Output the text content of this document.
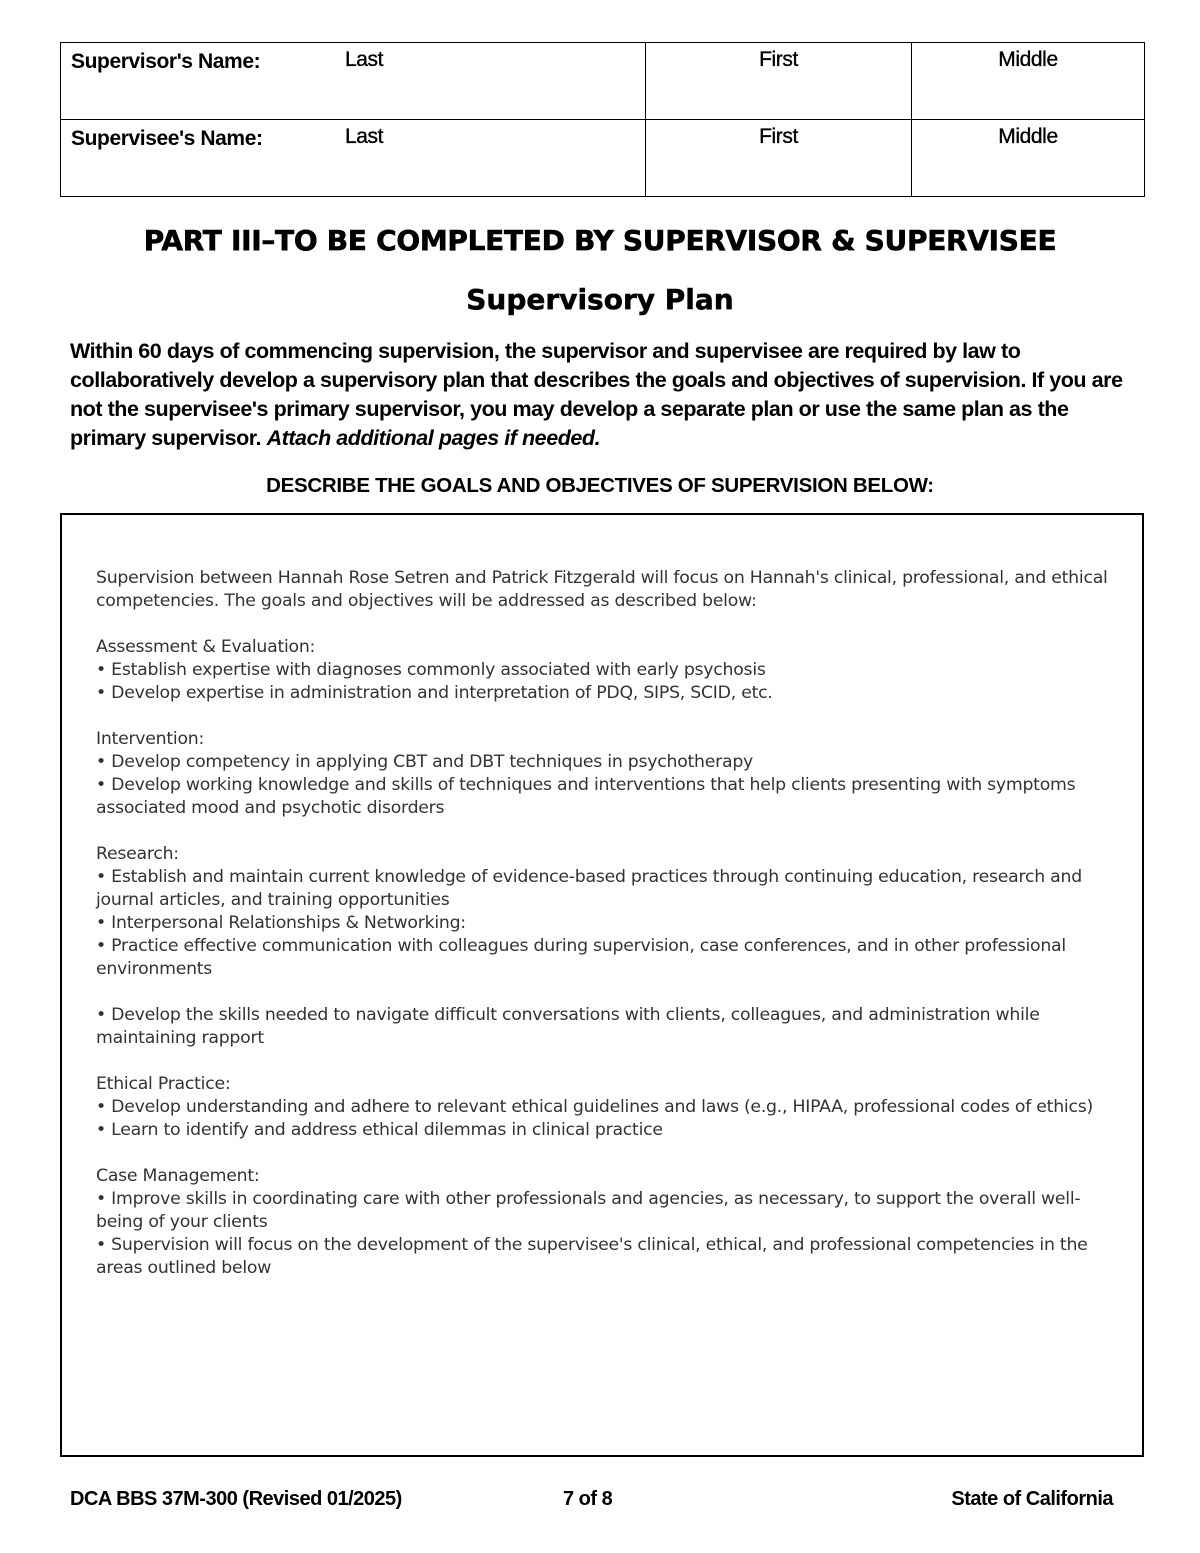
Supervisor's Name: Last	First	Middle

Supervisee's Name: Last	First	Middle
PART III–TO BE COMPLETED BY SUPERVISOR & SUPERVISEE
Supervisory Plan

Within 60 days of commencing supervision, the supervisor and supervisee are required by law to collaboratively develop a supervisory plan that describes the goals and objectives of supervision. If you are not the supervisee's primary supervisor, you may develop a separate plan or use the same plan as the primary supervisor. Attach additional pages if needed.

DESCRIBE THE GOALS AND OBJECTIVES OF SUPERVISION BELOW:

Supervision between Hannah Rose Setren and Patrick Fitzgerald will focus on Hannah's clinical, professional, and ethical competencies. The goals and objectives will be addressed as described below:

Assessment & Evaluation:
• Establish expertise with diagnoses commonly associated with early psychosis
• Develop expertise in administration and interpretation of PDQ, SIPS, SCID, etc.

Intervention:
• Develop competency in applying CBT and DBT techniques in psychotherapy
• Develop working knowledge and skills of techniques and interventions that help clients presenting with symptoms associated mood and psychotic disorders

Research:
• Establish and maintain current knowledge of evidence-based practices through continuing education, research and journal articles, and training opportunities
• Interpersonal Relationships & Networking:
• Practice effective communication with colleagues during supervision, case conferences, and in other professional environments

• Develop the skills needed to navigate difficult conversations with clients, colleagues, and administration while maintaining rapport

Ethical Practice:
• Develop understanding and adhere to relevant ethical guidelines and laws (e.g., HIPAA, professional codes of ethics)
• Learn to identify and address ethical dilemmas in clinical practice

Case Management:
• Improve skills in coordinating care with other professionals and agencies, as necessary, to support the overall well-being of your clients
• Supervision will focus on the development of the supervisee's clinical, ethical, and professional competencies in the areas outlined below

DCA BBS 37M-300 (Revised 01/2025)	7 of 8	State of California
